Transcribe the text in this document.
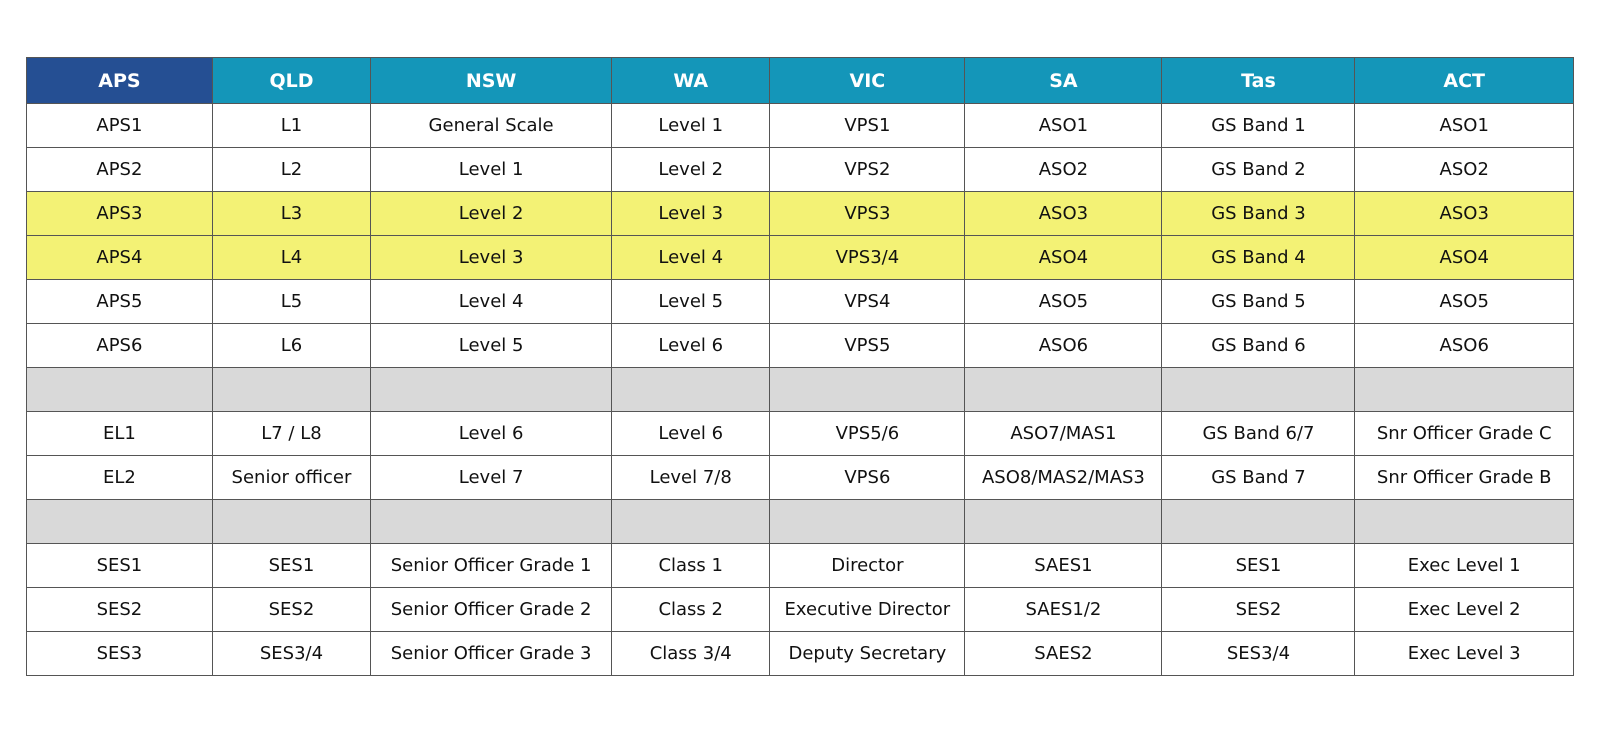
APS	QLD	NSW	WA	VIC	SA	Tas	ACT
APS1	L1	General Scale	Level 1	VPS1	ASO1	GS Band 1	ASO1
APS2	L2	Level 1	Level 2	VPS2	ASO2	GS Band 2	ASO2
APS3	L3	Level 2	Level 3	VPS3	ASO3	GS Band 3	ASO3
APS4	L4	Level 3	Level 4	VPS3/4	ASO4	GS Band 4	ASO4
APS5	L5	Level 4	Level 5	VPS4	ASO5	GS Band 5	ASO5
APS6	L6	Level 5	Level 6	VPS5	ASO6	GS Band 6	ASO6

EL1	L7 / L8	Level 6	Level 6	VPS5/6	ASO7/MAS1	GS Band 6/7	Snr Officer Grade C
EL2	Senior officer	Level 7	Level 7/8	VPS6	ASO8/MAS2/MAS3	GS Band 7	Snr Officer Grade B

SES1	SES1	Senior Officer Grade 1	Class 1	Director	SAES1	SES1	Exec Level 1
SES2	SES2	Senior Officer Grade 2	Class 2	Executive Director	SAES1/2	SES2	Exec Level 2
SES3	SES3/4	Senior Officer Grade 3	Class 3/4	Deputy Secretary	SAES2	SES3/4	Exec Level 3
